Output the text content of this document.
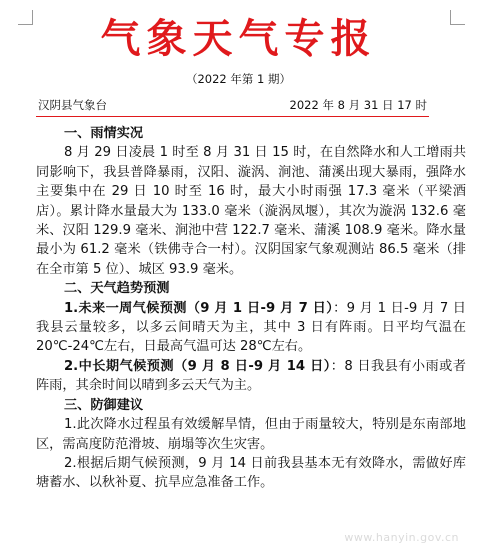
气象天气专报
（2022 年第 1 期）
汉阴县气象台	2022 年 8 月 31 日 17 时
一、雨情实况
8 月 29 日凌晨 1 时至 8 月 31 日 15 时，在自然降水和人工增雨共同影响下，我县普降暴雨，汉阳、漩涡、涧池、蒲溪出现大暴雨，强降水主要集中在 29 日 10 时至 16 时，最大小时雨强 17.3 毫米（平梁酒店）。累计降水量最大为 133.0 毫米（漩涡凤堰），其次为漩涡 132.6 毫米、汉阳 129.9 毫米、涧池中营 122.7 毫米、蒲溪 108.9 毫米。降水量最小为 61.2 毫米（铁佛寺合一村）。汉阴国家气象观测站 86.5 毫米（排在全市第 5 位）、城区 93.9 毫米。
二、天气趋势预测
1.未来一周气候预测（9 月 1 日-9 月 7 日）：9 月 1 日-9 月 7 日我县云量较多，以多云间晴天为主，其中 3 日有阵雨。日平均气温在 20℃-24℃左右，日最高气温可达 28℃左右。
2.中长期气候预测（9 月 8 日-9 月 14 日）：8 日我县有小雨或者阵雨，其余时间以晴到多云天气为主。
三、防御建议
1.此次降水过程虽有效缓解旱情，但由于雨量较大，特别是东南部地区，需高度防范滑坡、崩塌等次生灾害。
2.根据后期气候预测，9 月 14 日前我县基本无有效降水，需做好库塘蓄水、以秋补夏、抗旱应急准备工作。
www.hanyin.gov.cn
